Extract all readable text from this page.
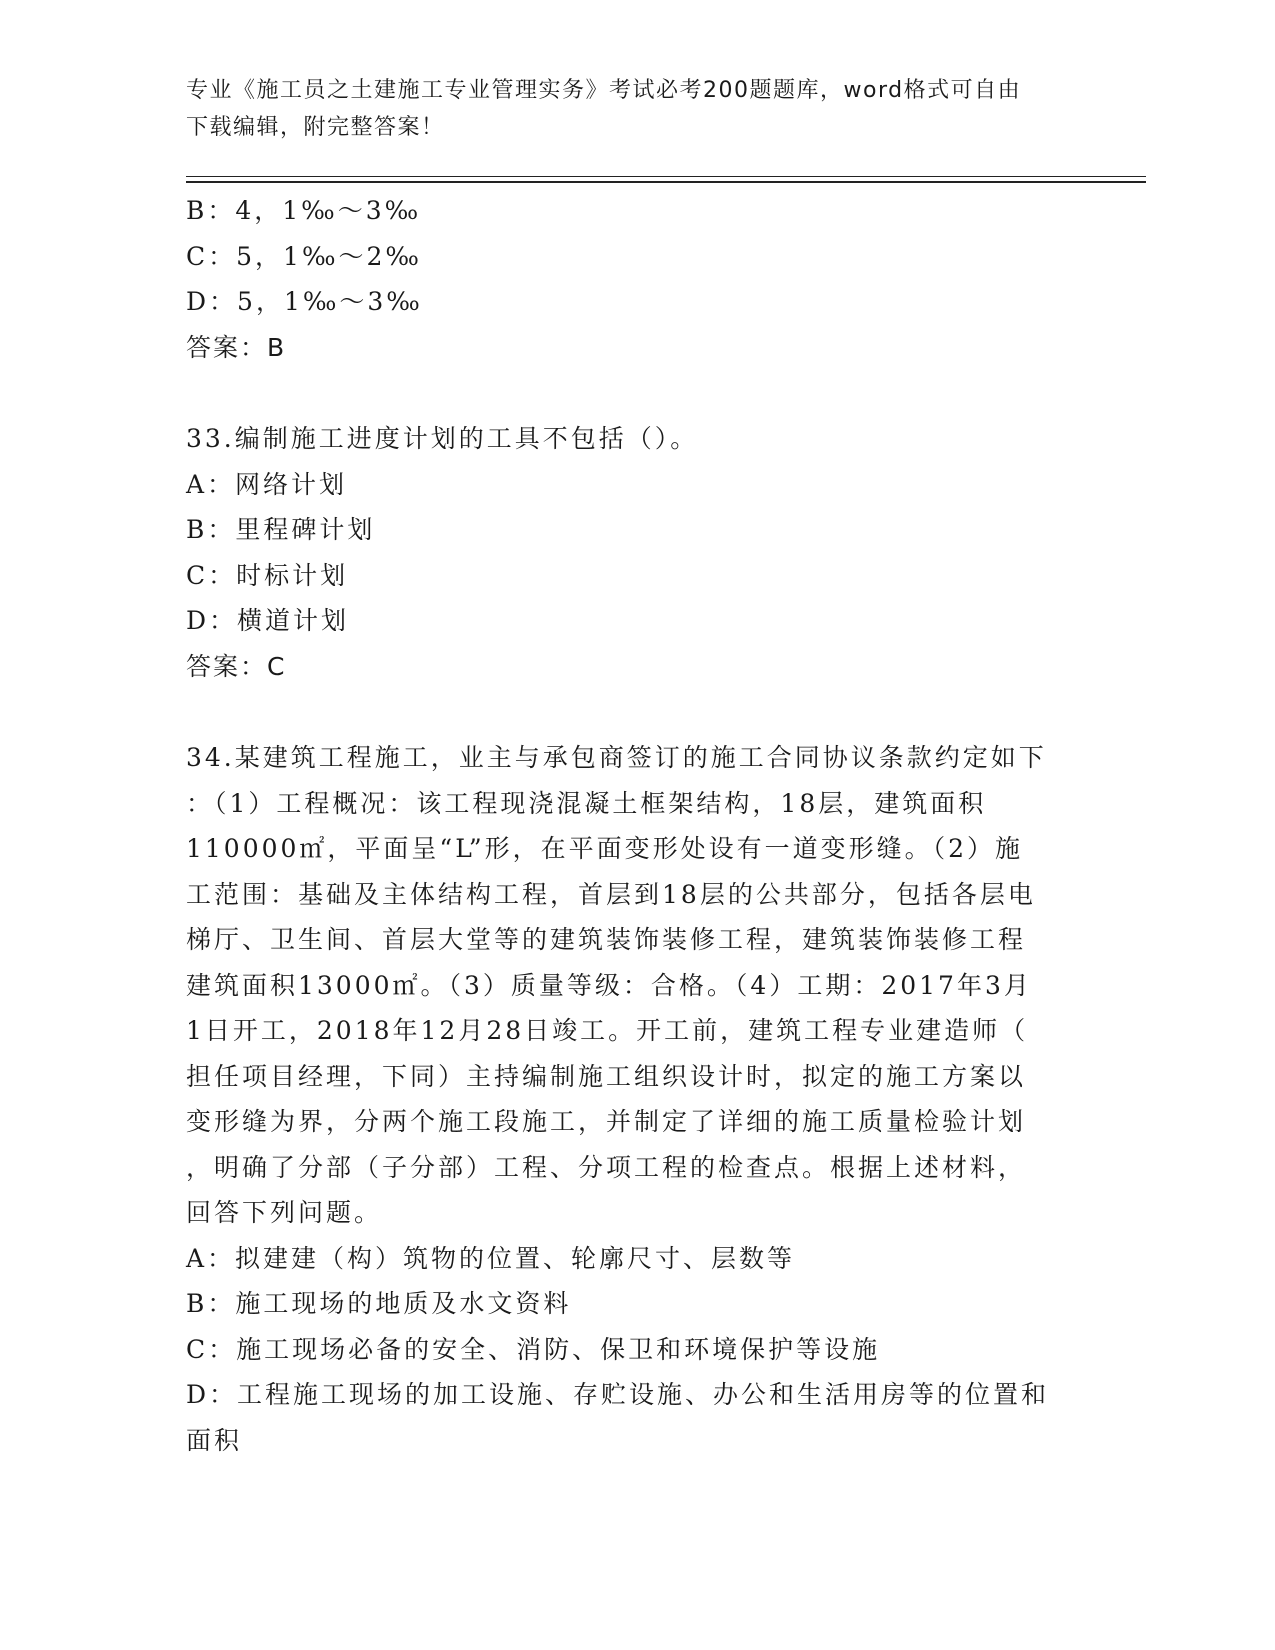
专业《施工员之土建施工专业管理实务》考试必考200题题库，word格式可自由
下载编辑，附完整答案！
B：4，1‰～3‰
C：5，1‰～2‰
D：5，1‰～3‰
答案：B
33.编制施工进度计划的工具不包括（）。
A：网络计划
B：里程碑计划
C：时标计划
D：横道计划
答案：C
34.某建筑工程施工，业主与承包商签订的施工合同协议条款约定如下
：（1）工程概况：该工程现浇混凝土框架结构，18层，建筑面积
110000㎡，平面呈“L”形，在平面变形处设有一道变形缝。（2）施
工范围：基础及主体结构工程，首层到18层的公共部分，包括各层电
梯厅、卫生间、首层大堂等的建筑装饰装修工程，建筑装饰装修工程
建筑面积13000㎡。（3）质量等级：合格。（4）工期：2017年3月
1日开工，2018年12月28日竣工。开工前，建筑工程专业建造师（
担任项目经理，下同）主持编制施工组织设计时，拟定的施工方案以
变形缝为界，分两个施工段施工，并制定了详细的施工质量检验计划
，明确了分部（子分部）工程、分项工程的检查点。根据上述材料，
回答下列问题。
A：拟建建（构）筑物的位置、轮廓尺寸、层数等
B：施工现场的地质及水文资料
C：施工现场必备的安全、消防、保卫和环境保护等设施
D：工程施工现场的加工设施、存贮设施、办公和生活用房等的位置和
面积
